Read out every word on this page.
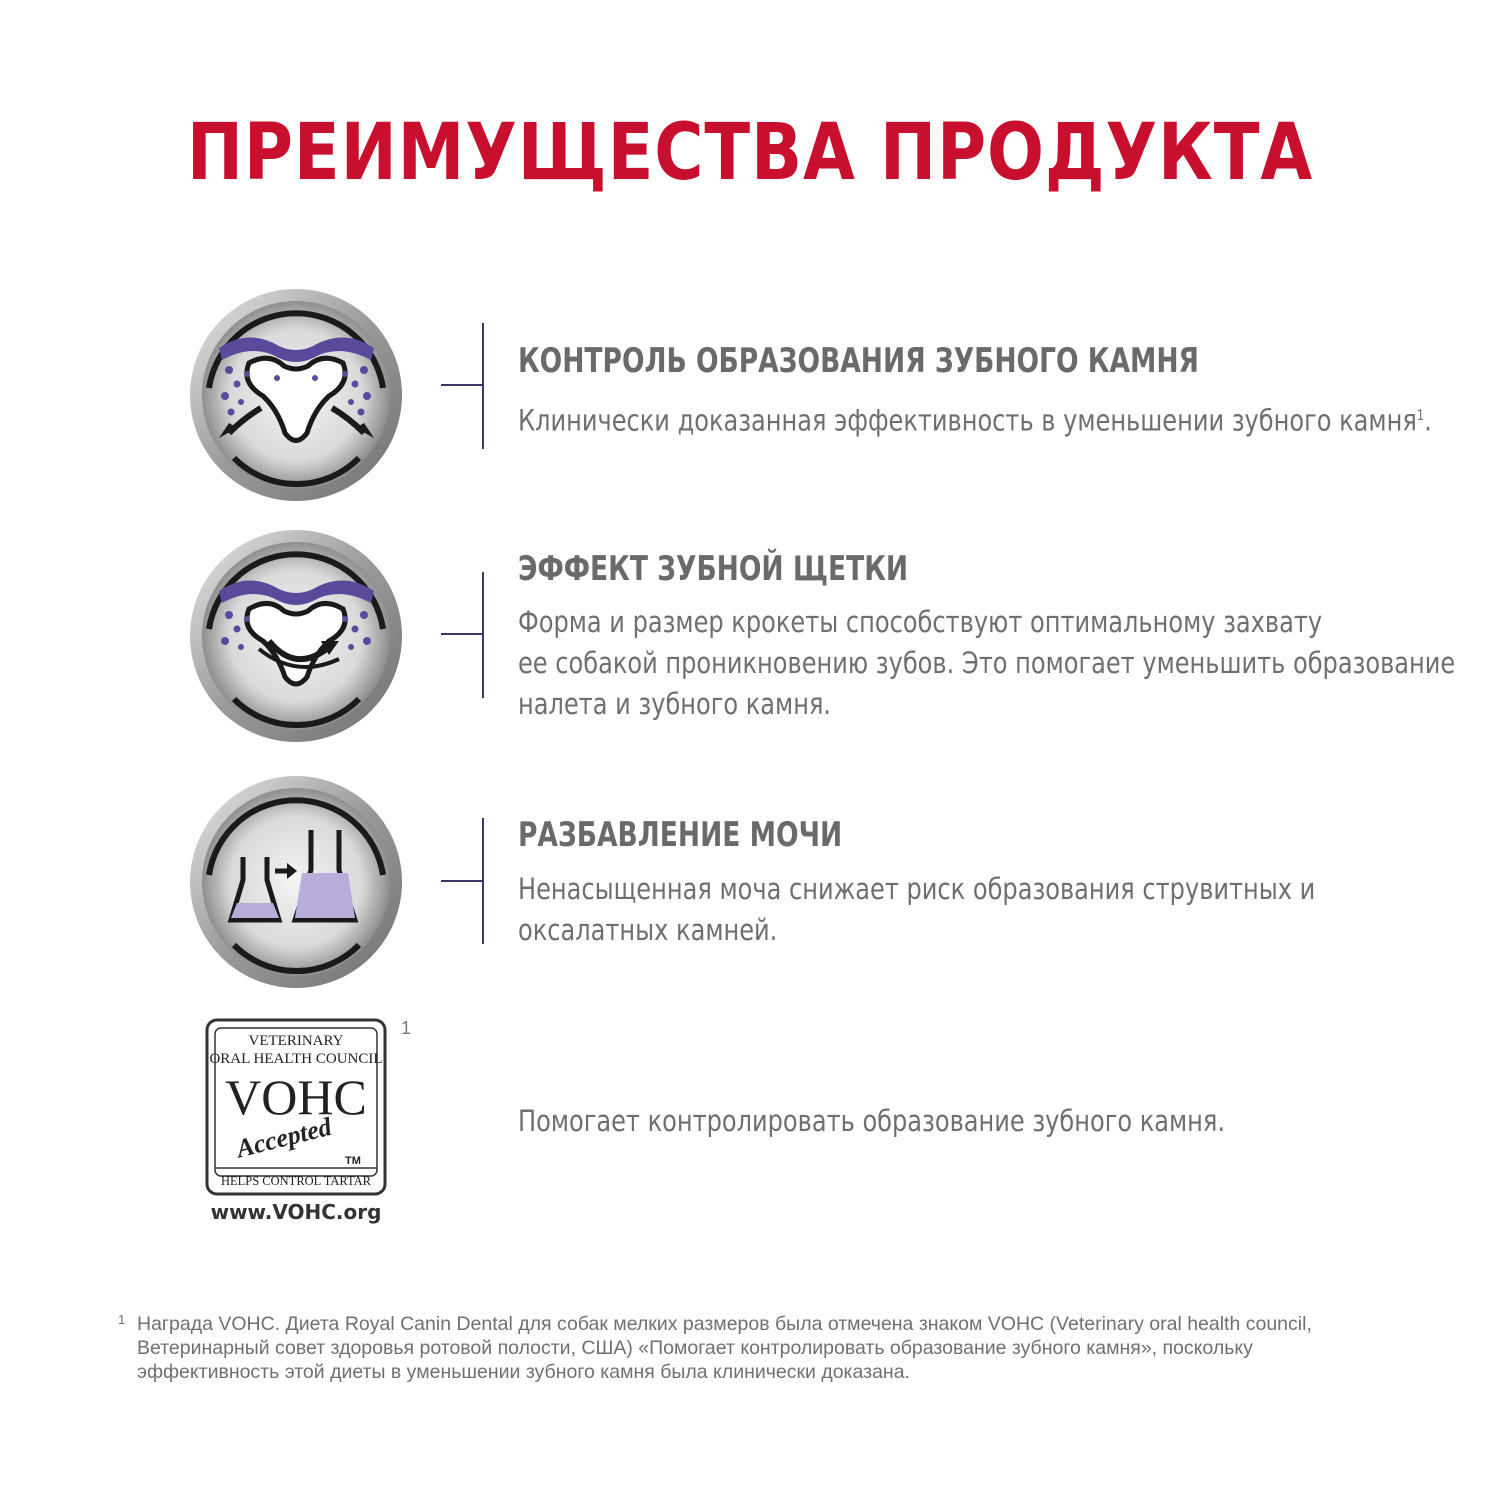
ПРЕИМУЩЕСТВА ПРОДУКТА
КОНТРОЛЬ ОБРАЗОВАНИЯ ЗУБНОГО КАМНЯ
Клинически доказанная эффективность в уменьшении зубного камня$^1$.
ЭФФЕКТ ЗУБНОЙ ЩЕТКИ
Форма и размер крокеты способствуют оптимальному захвату
ее собакой проникновению зубов. Это помогает уменьшить образование
налета и зубного камня.
РАЗБАВЛЕНИЕ МОЧИ
Ненасыщенная моча снижает риск образования струвитных и
оксалатных камней.
VETERINARY
ORAL HEALTH COUNCIL
VOHC
Accepted TM
HELPS CONTROL TARTAR
1
www.VOHC.org
Помогает контролировать образование зубного камня.
1 Награда VOHC. Диета Royal Canin Dental для собак мелких размеров была отмечена знаком VOHC (Veterinary oral health council, Ветеринарный совет здоровья ротовой полости, США) «Помогает контролировать образование зубного камня», поскольку эффективность этой диеты в уменьшении зубного камня была клинически доказана.
